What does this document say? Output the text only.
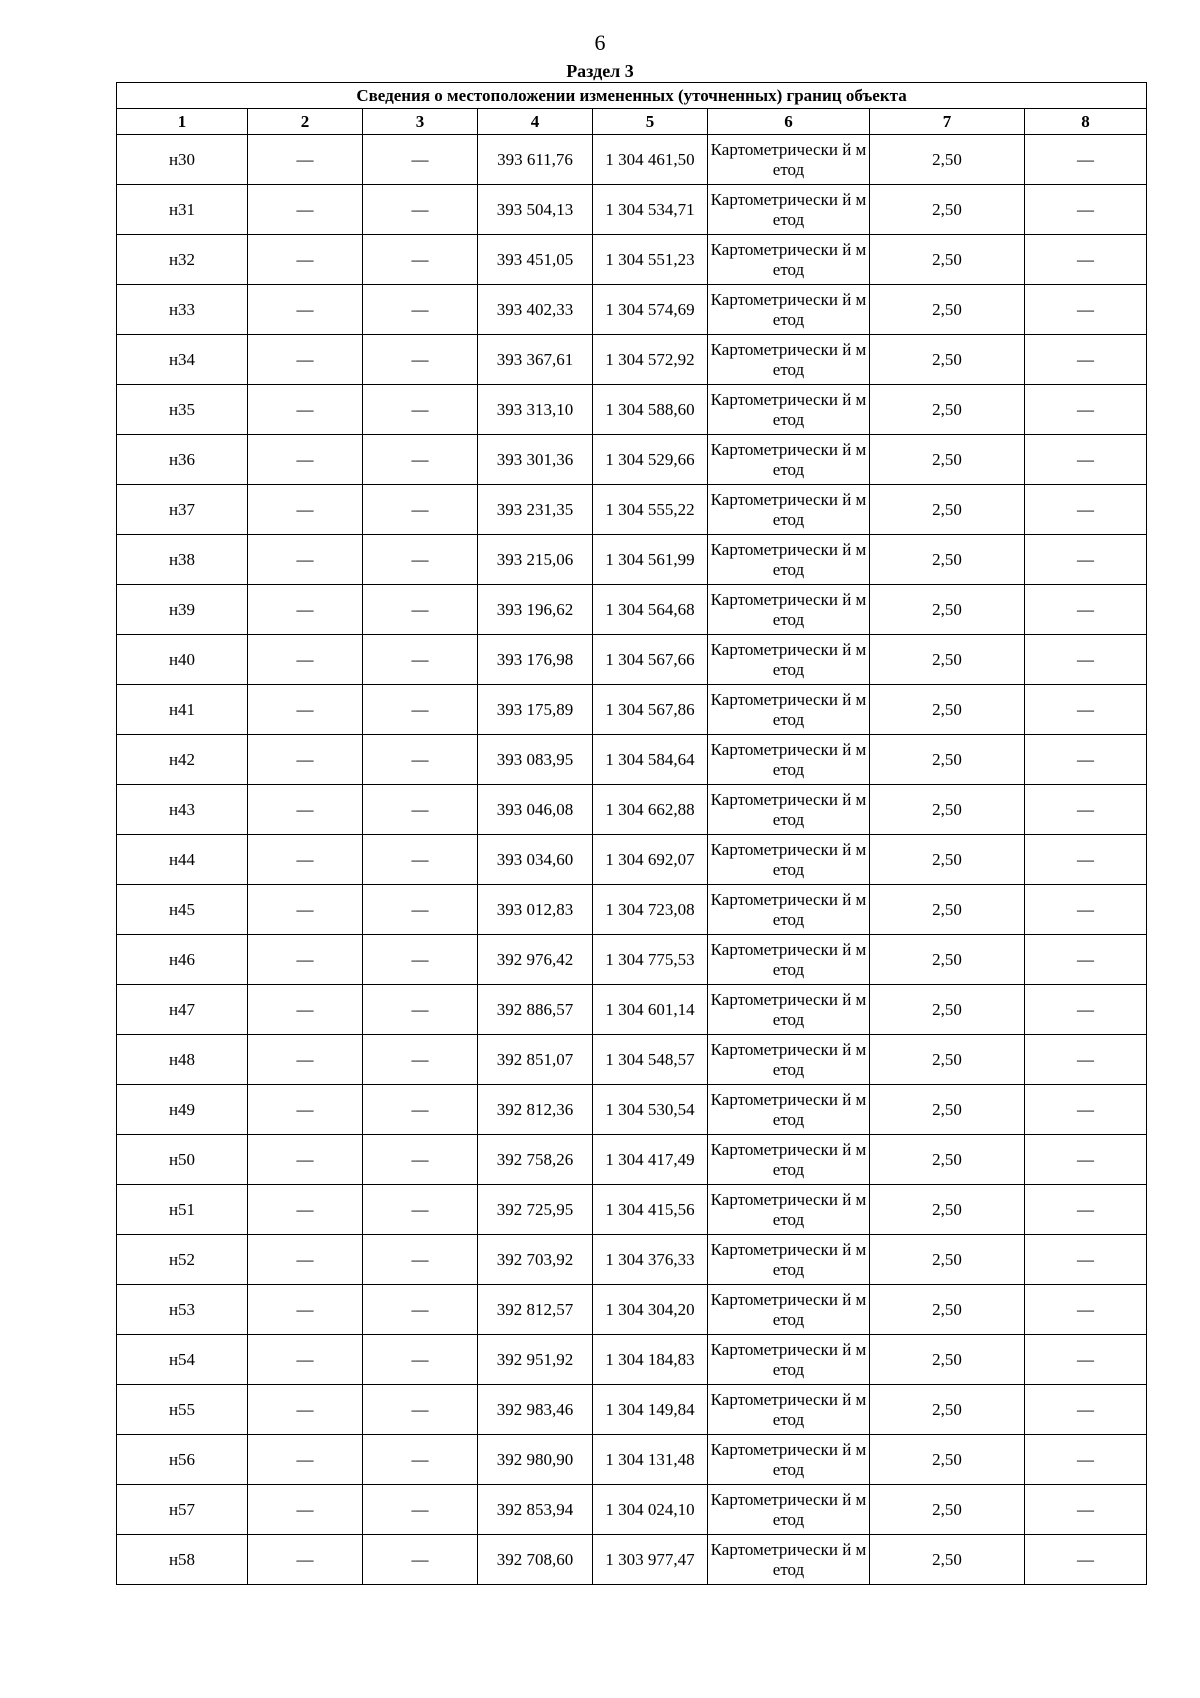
6
Раздел 3
Сведения о местоположении измененных (уточненных) границ объекта							
1	2	3	4	5	6	7	8
н30	—	—	393 611,76	1 304 461,50	Картометрически й метод	2,50	—
н31	—	—	393 504,13	1 304 534,71	Картометрически й метод	2,50	—
н32	—	—	393 451,05	1 304 551,23	Картометрически й метод	2,50	—
н33	—	—	393 402,33	1 304 574,69	Картометрически й метод	2,50	—
н34	—	—	393 367,61	1 304 572,92	Картометрически й метод	2,50	—
н35	—	—	393 313,10	1 304 588,60	Картометрически й метод	2,50	—
н36	—	—	393 301,36	1 304 529,66	Картометрически й метод	2,50	—
н37	—	—	393 231,35	1 304 555,22	Картометрически й метод	2,50	—
н38	—	—	393 215,06	1 304 561,99	Картометрически й метод	2,50	—
н39	—	—	393 196,62	1 304 564,68	Картометрически й метод	2,50	—
н40	—	—	393 176,98	1 304 567,66	Картометрически й метод	2,50	—
н41	—	—	393 175,89	1 304 567,86	Картометрически й метод	2,50	—
н42	—	—	393 083,95	1 304 584,64	Картометрически й метод	2,50	—
н43	—	—	393 046,08	1 304 662,88	Картометрически й метод	2,50	—
н44	—	—	393 034,60	1 304 692,07	Картометрически й метод	2,50	—
н45	—	—	393 012,83	1 304 723,08	Картометрически й метод	2,50	—
н46	—	—	392 976,42	1 304 775,53	Картометрически й метод	2,50	—
н47	—	—	392 886,57	1 304 601,14	Картометрически й метод	2,50	—
н48	—	—	392 851,07	1 304 548,57	Картометрически й метод	2,50	—
н49	—	—	392 812,36	1 304 530,54	Картометрически й метод	2,50	—
н50	—	—	392 758,26	1 304 417,49	Картометрически й метод	2,50	—
н51	—	—	392 725,95	1 304 415,56	Картометрически й метод	2,50	—
н52	—	—	392 703,92	1 304 376,33	Картометрически й метод	2,50	—
н53	—	—	392 812,57	1 304 304,20	Картометрически й метод	2,50	—
н54	—	—	392 951,92	1 304 184,83	Картометрически й метод	2,50	—
н55	—	—	392 983,46	1 304 149,84	Картометрически й метод	2,50	—
н56	—	—	392 980,90	1 304 131,48	Картометрически й метод	2,50	—
н57	—	—	392 853,94	1 304 024,10	Картометрически й метод	2,50	—
н58	—	—	392 708,60	1 303 977,47	Картометрически й метод	2,50	—
